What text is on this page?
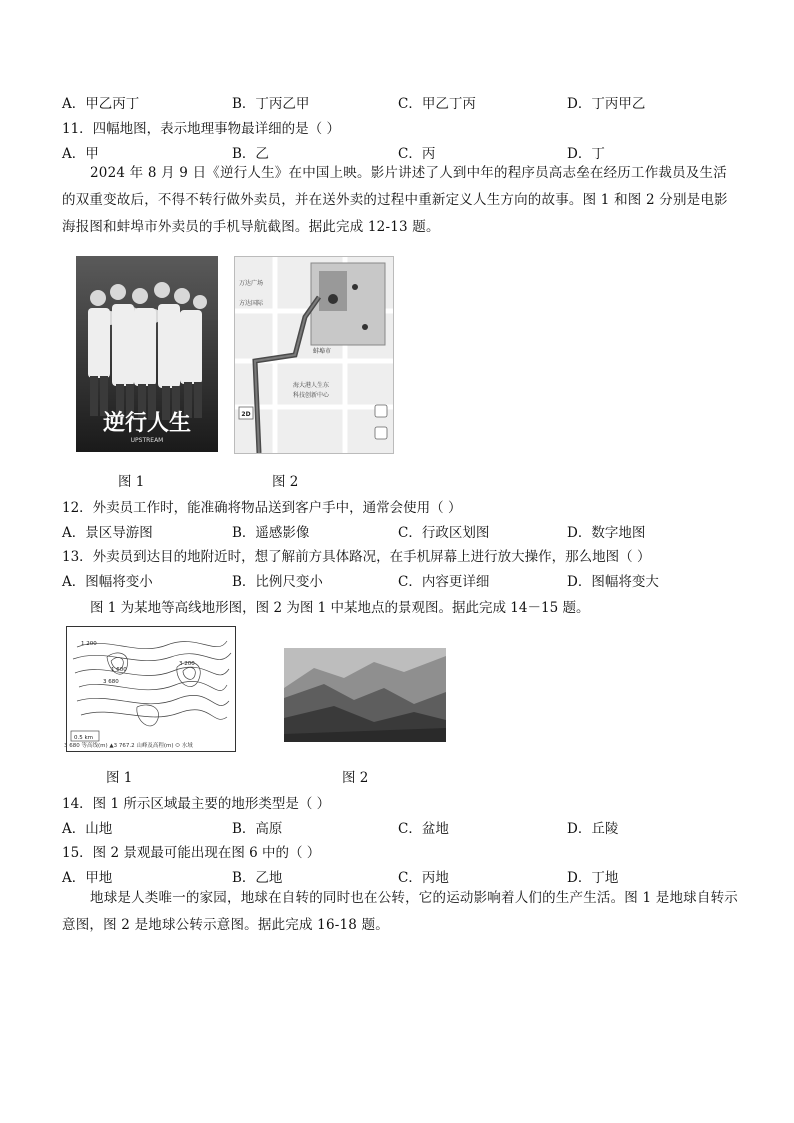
A．甲乙丙丁	B．丁丙乙甲	C．甲乙丁丙	D．丁丙甲乙
11．四幅地图，表示地理事物最详细的是（ ）
A．甲	B．乙	C．丙	D．丁
2024 年 8 月 9 日《逆行人生》在中国上映。影片讲述了人到中年的程序员高志垒在经历工作裁员及生活的双重变故后，不得不转行做外卖员，并在送外卖的过程中重新定义人生方向的故事。图 1 和图 2 分别是电影海报图和蚌埠市外卖员的手机导航截图。据此完成 12-13 题。
逆行人生
UPSTREAM
图 1
万达广场
方达国际
蚌埠市
2D
海大港人生东
科技创新中心
图 2
12．外卖员工作时，能准确将物品送到客户手中，通常会使用（ ）
A．景区导游图	B．遥感影像	C．行政区划图	D．数字地图
13．外卖员到达目的地附近时，想了解前方具体路况，在手机屏幕上进行放大操作，那么地图（ ）
A．图幅将变小	B．比例尺变小	C．内容更详细	D．图幅将变大
图 1 为某地等高线地形图，图 2 为图 1 中某地点的景观图。据此完成 14－15 题。
1 200
1 600
3 680
3 200
0.5 km
3 680 等高线(m) ▲3 767.2 山峰及高程(m) ⬭ 水域
图 1	图 2
14．图 1 所示区域最主要的地形类型是（ ）
A．山地	B．高原	C．盆地	D．丘陵
15．图 2 景观最可能出现在图 6 中的（ ）
A．甲地	B．乙地	C．丙地	D．丁地
地球是人类唯一的家园，地球在自转的同时也在公转，它的运动影响着人们的生产生活。图 1 是地球自转示意图，图 2 是地球公转示意图。据此完成 16-18 题。
